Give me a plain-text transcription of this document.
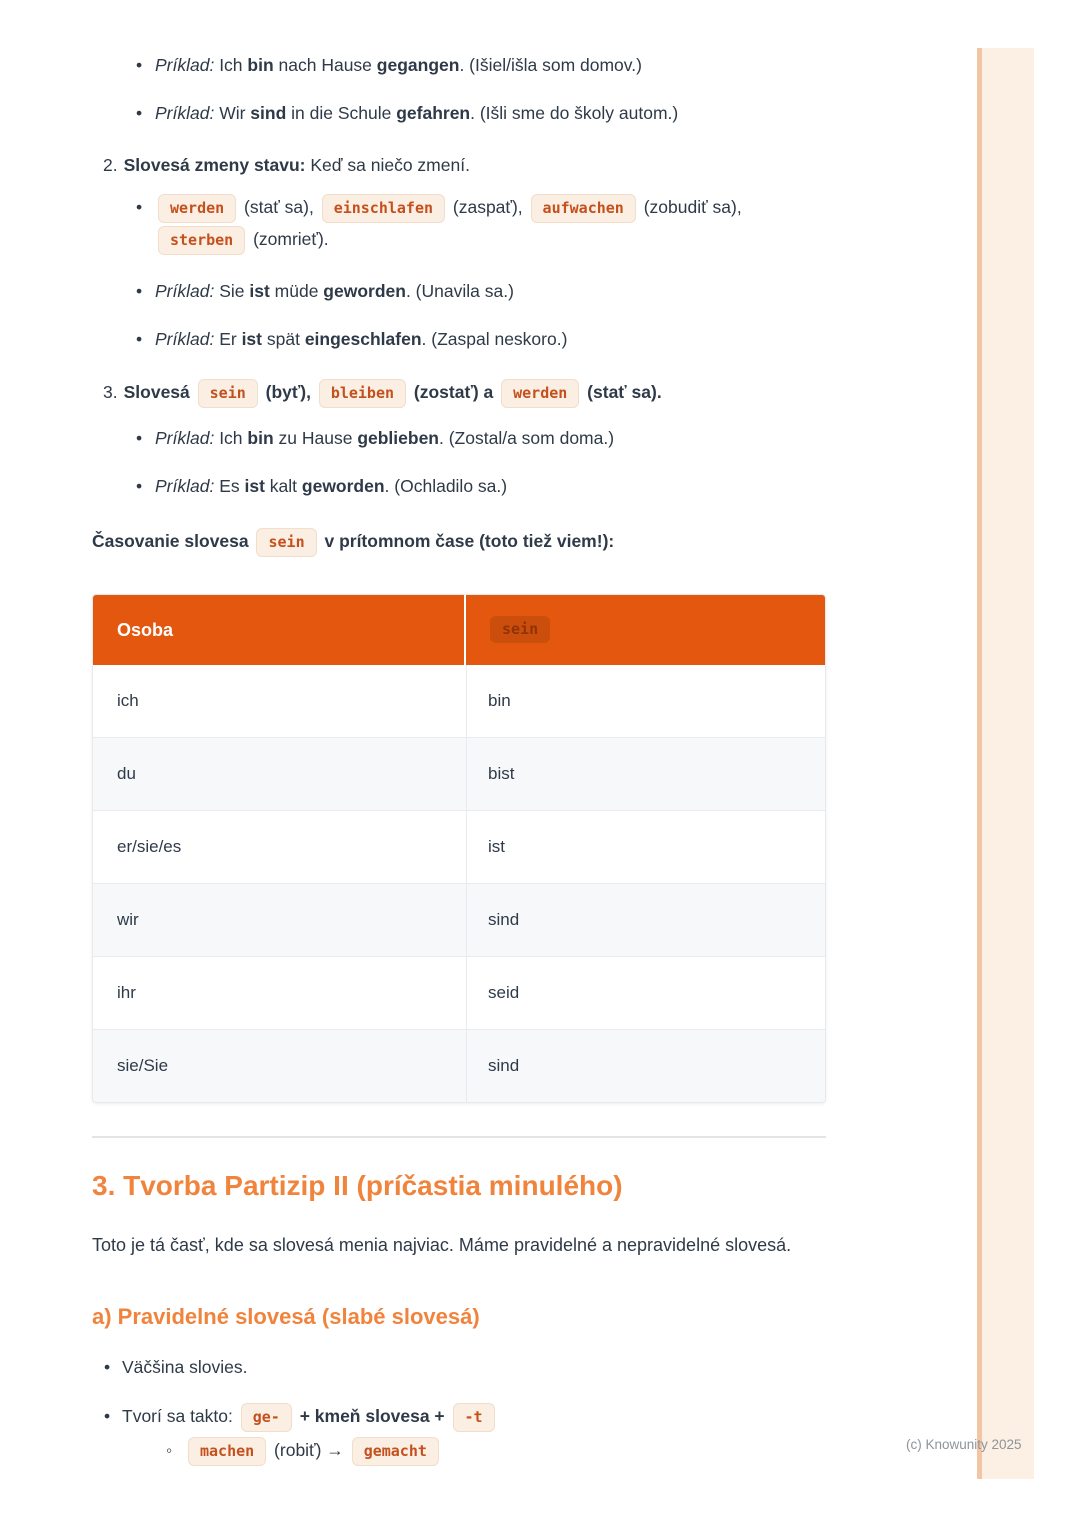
(c) Knowunity 2025
• Príklad: Ich bin nach Hause gegangen. (Išiel/išla som domov.)
• Príklad: Wir sind in die Schule gefahren. (Išli sme do školy autom.)
2. Slovesá zmeny stavu: Keď sa niečo zmení.
• werden (stať sa), einschlafen (zaspať), aufwachen (zobudiť sa), sterben (zomrieť).
• Príklad: Sie ist müde geworden. (Unavila sa.)
• Príklad: Er ist spät eingeschlafen. (Zaspal neskoro.)
3. Slovesá sein (byť), bleiben (zostať) a werden (stať sa).
• Príklad: Ich bin zu Hause geblieben. (Zostal/a som doma.)
• Príklad: Es ist kalt geworden. (Ochladilo sa.)
Časovanie slovesa sein v prítomnom čase (toto tiež viem!):
Osoba	sein
ich	bin
du	bist
er/sie/es	ist
wir	sind
ihr	seid
sie/Sie	sind
3. Tvorba Partizip II (príčastia minulého)

Toto je tá časť, kde sa slovesá menia najviac. Máme pravidelné a nepravidelné slovesá.

a) Pravidelné slovesá (slabé slovesá)
• Väčšina slovies.
• Tvorí sa takto: ge- + kmeň slovesa + -t
◦ machen (robiť) → gemacht
